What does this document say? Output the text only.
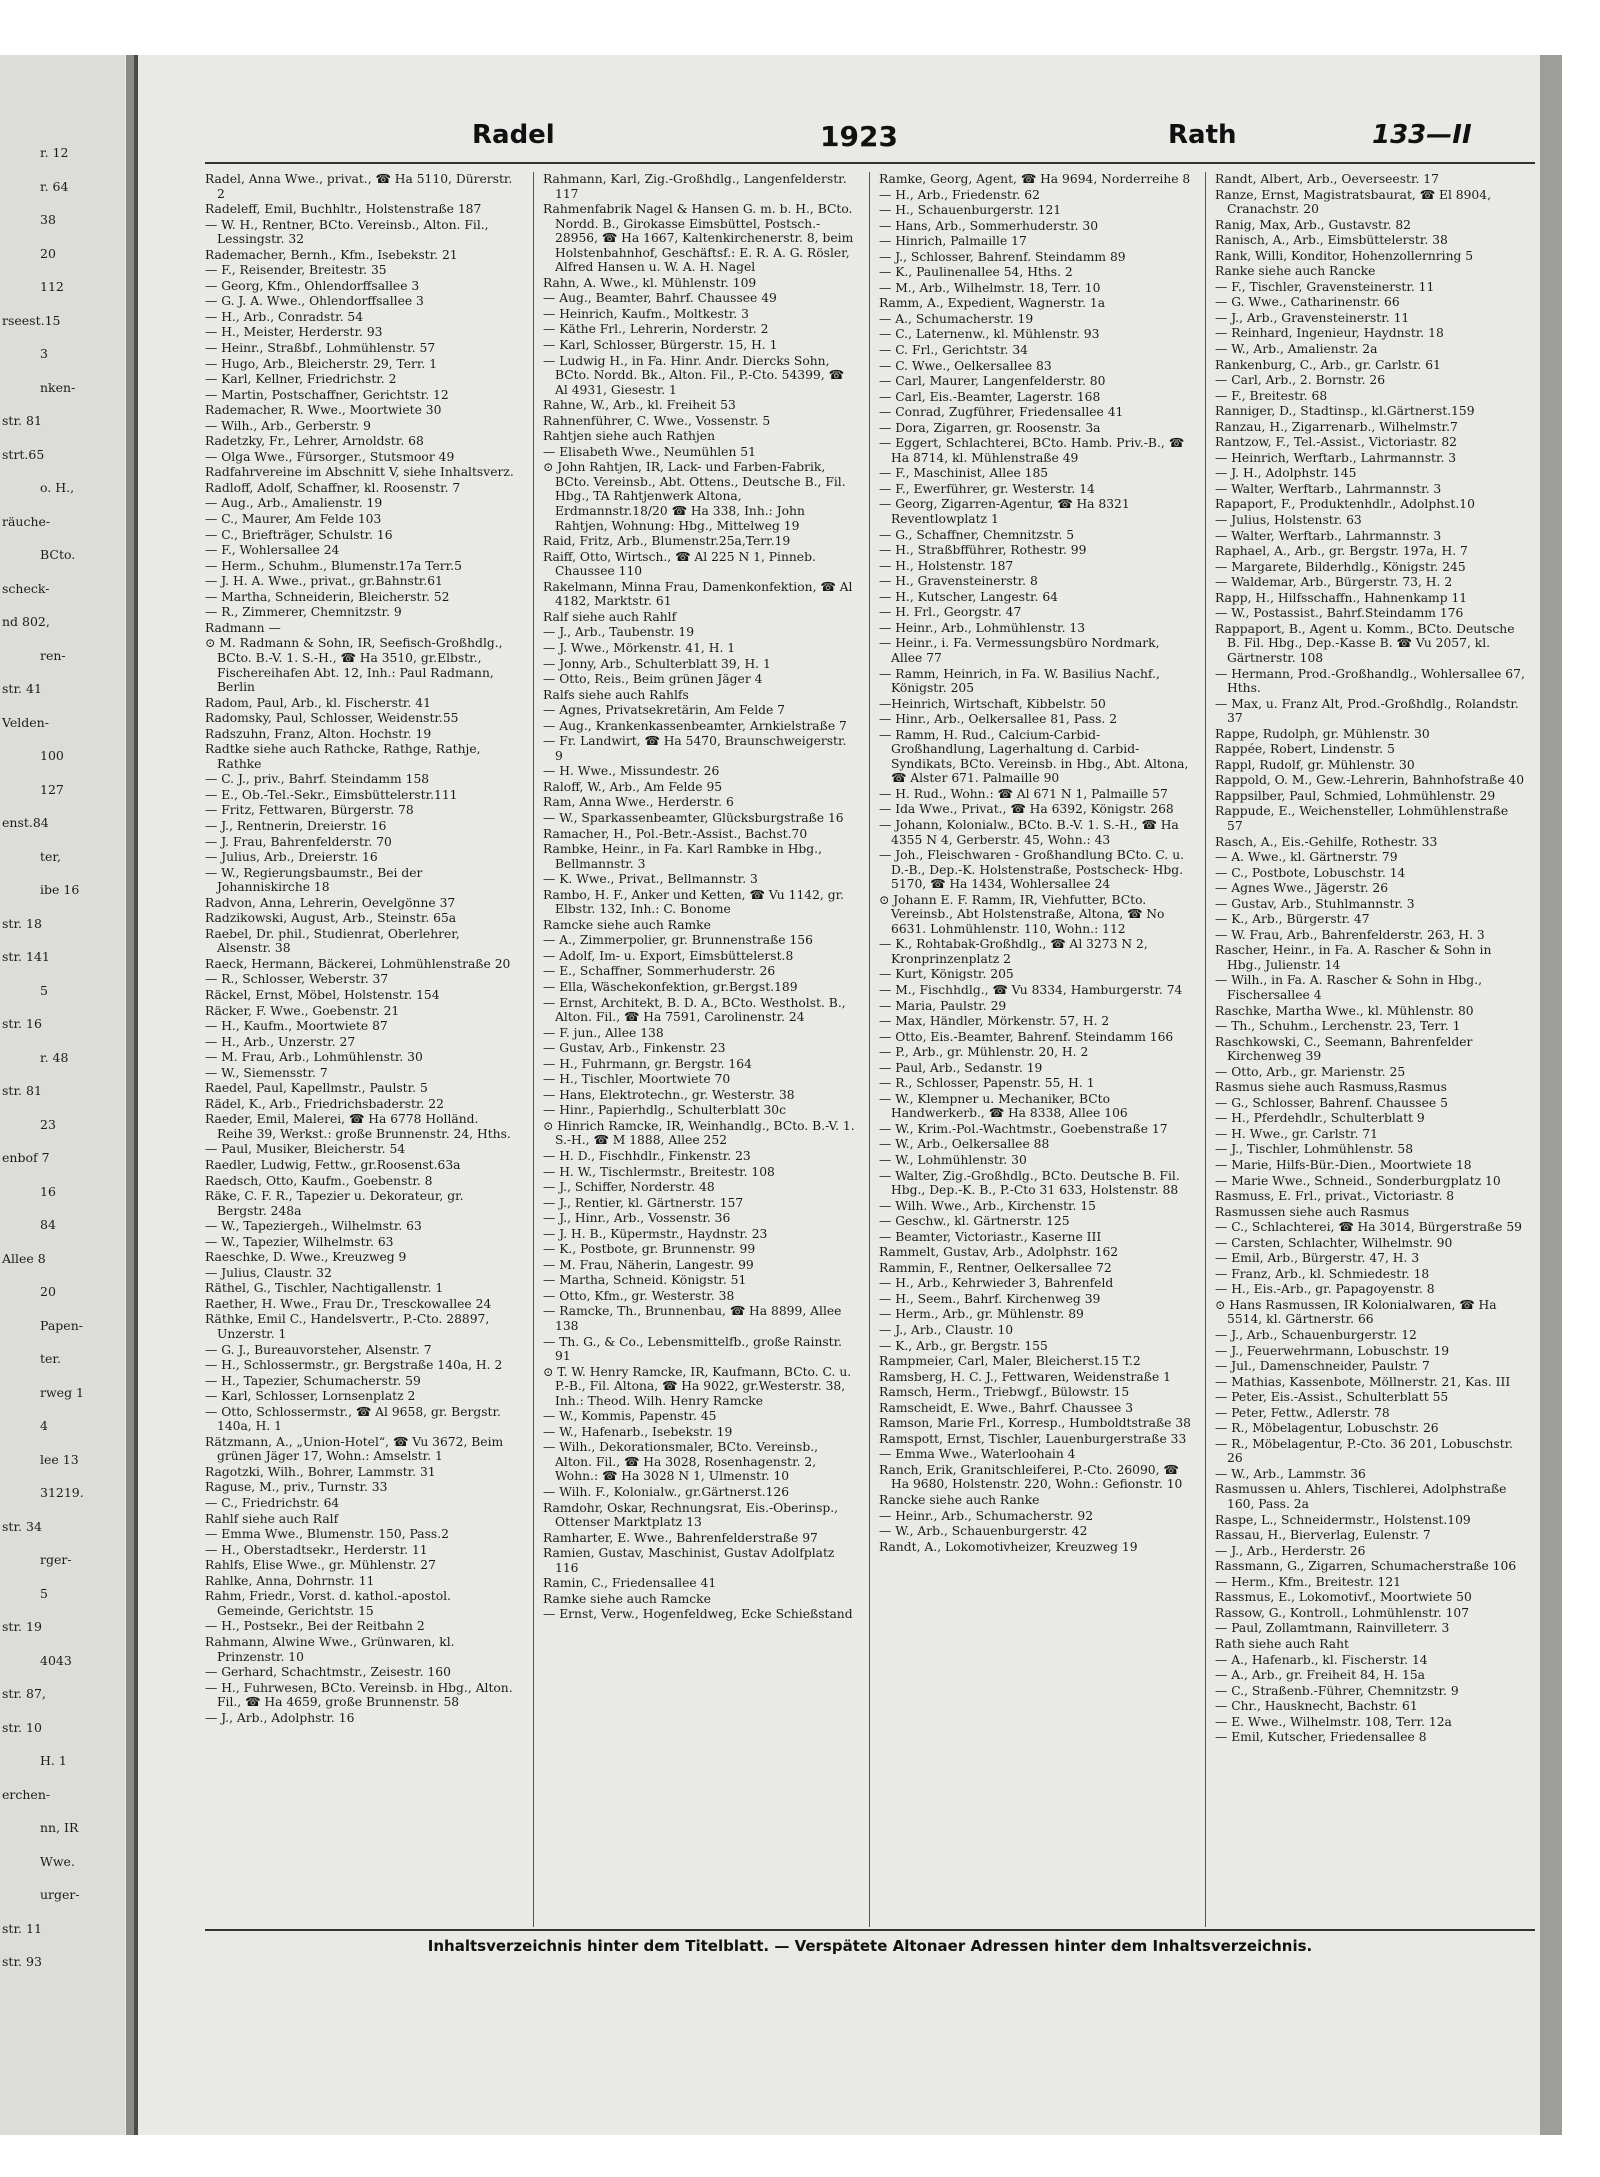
r. 12
r. 64
38
20
112
rseest.15
3
nken-
str. 81
strt.65
o. H.,
räuche-
BCto.
scheck-
nd 802,
ren-
str. 41
Velden-
100
127
enst.84
ter,
ibe 16
str. 18
str. 141
5
str. 16
r. 48
str. 81
23
enbof 7
16
84
Allee 8
20
Papen-
ter.
rweg 1
4
lee 13
31219.
str. 34
rger-
5
str. 19
4043
str. 87,
str. 10
H. 1
erchen-
nn, IR
Wwe.
urger-
str. 11
str. 93
Radel	1923	Rath	133—II
Radel, Anna Wwe., privat., ☎ Ha 5110, Dürerstr. 2
Radeleff, Emil, Buchhltr., Holstenstraße 187
— W. H., Rentner, BCto. Vereinsb., Alton. Fil., Lessingstr. 32
Rademacher, Bernh., Kfm., Isebekstr. 21
— F., Reisender, Breitestr. 35
— Georg, Kfm., Ohlendorffsallee 3
— G. J. A. Wwe., Ohlendorffsallee 3
— H., Arb., Conradstr. 54
— H., Meister, Herderstr. 93
— Heinr., Straßbf., Lohmühlenstr. 57
— Hugo, Arb., Bleicherstr. 29, Terr. 1
— Karl, Kellner, Friedrichstr. 2
— Martin, Postschaffner, Gerichtstr. 12
Rademacher, R. Wwe., Moortwiete 30
— Wilh., Arb., Gerberstr. 9
Radetzky, Fr., Lehrer, Arnoldstr. 68
— Olga Wwe., Fürsorger., Stutsmoor 49
Radfahrvereine im Abschnitt V, siehe Inhaltsverz.
Radloff, Adolf, Schaffner, kl. Roosenstr. 7
— Aug., Arb., Amalienstr. 19
— C., Maurer, Am Felde 103
— C., Briefträger, Schulstr. 16
— F., Wohlersallee 24
— Herm., Schuhm., Blumenstr.17a Terr.5
— J. H. A. Wwe., privat., gr.Bahnstr.61
— Martha, Schneiderin, Bleicherstr. 52
— R., Zimmerer, Chemnitzstr. 9
Radmann —
⊙ M. Radmann & Sohn, IR, Seefisch-Großhdlg., BCto. B.-V. 1. S.-H., ☎ Ha 3510, gr.Elbstr., Fischereihafen Abt. 12, Inh.: Paul Radmann, Berlin
Radom, Paul, Arb., kl. Fischerstr. 41
Radomsky, Paul, Schlosser, Weidenstr.55
Radszuhn, Franz, Alton. Hochstr. 19
Radtke siehe auch Rathcke, Rathge, Rathje, Rathke
— C. J., priv., Bahrf. Steindamm 158
— E., Ob.-Tel.-Sekr., Eimsbüttelerstr.111
— Fritz, Fettwaren, Bürgerstr. 78
— J., Rentnerin, Dreierstr. 16
— J. Frau, Bahrenfelderstr. 70
— Julius, Arb., Dreierstr. 16
— W., Regierungsbaumstr., Bei der Johanniskirche 18
Radvon, Anna, Lehrerin, Oevelgönne 37
Radzikowski, August, Arb., Steinstr. 65a
Raebel, Dr. phil., Studienrat, Oberlehrer, Alsenstr. 38
Raeck, Hermann, Bäckerei, Lohmühlenstraße 20
— R., Schlosser, Weberstr. 37
Räckel, Ernst, Möbel, Holstenstr. 154
Räcker, F. Wwe., Goebenstr. 21
— H., Kaufm., Moortwiete 87
— H., Arb., Unzerstr. 27
— M. Frau, Arb., Lohmühlenstr. 30
— W., Siemensstr. 7
Raedel, Paul, Kapellmstr., Paulstr. 5
Rädel, K., Arb., Friedrichsbaderstr. 22
Raeder, Emil, Malerei, ☎ Ha 6778 Holländ. Reihe 39, Werkst.: große Brunnenstr. 24, Hths.
— Paul, Musiker, Bleicherstr. 54
Raedler, Ludwig, Fettw., gr.Roosenst.63a
Raedsch, Otto, Kaufm., Goebenstr. 8
Räke, C. F. R., Tapezier u. Dekorateur, gr. Bergstr. 248a
— W., Tapeziergeh., Wilhelmstr. 63
— W., Tapezier, Wilhelmstr. 63
Raeschke, D. Wwe., Kreuzweg 9
— Julius, Claustr. 32
Räthel, G., Tischler, Nachtigallenstr. 1
Raether, H. Wwe., Frau Dr., Tresckowallee 24
Räthke, Emil C., Handelsvertr., P.-Cto. 28897, Unzerstr. 1
— G. J., Bureauvorsteher, Alsenstr. 7
— H., Schlossermstr., gr. Bergstraße 140a, H. 2
— H., Tapezier, Schumacherstr. 59
— Karl, Schlosser, Lornsenplatz 2
— Otto, Schlossermstr., ☎ Al 9658, gr. Bergstr. 140a, H. 1
Rätzmann, A., „Union-Hotel“, ☎ Vu 3672, Beim grünen Jäger 17, Wohn.: Amselstr. 1
Ragotzki, Wilh., Bohrer, Lammstr. 31
Raguse, M., priv., Turnstr. 33
— C., Friedrichstr. 64
Rahlf siehe auch Ralf
— Emma Wwe., Blumenstr. 150, Pass.2
— H., Oberstadtsekr., Herderstr. 11
Rahlfs, Elise Wwe., gr. Mühlenstr. 27
Rahlke, Anna, Dohrnstr. 11
Rahm, Friedr., Vorst. d. kathol.-apostol. Gemeinde, Gerichtstr. 15
— H., Postsekr., Bei der Reitbahn 2
Rahmann, Alwine Wwe., Grünwaren, kl. Prinzenstr. 10
— Gerhard, Schachtmstr., Zeisestr. 160
— H., Fuhrwesen, BCto. Vereinsb. in Hbg., Alton. Fil., ☎ Ha 4659, große Brunnenstr. 58
— J., Arb., Adolphstr. 16
Rahmann, Karl, Zig.-Großhdlg., Langenfelderstr. 117
Rahmenfabrik Nagel & Hansen G. m. b. H., BCto. Nordd. B., Girokasse Eimsbüttel, Postsch.- 28956, ☎ Ha 1667, Kaltenkirchenerstr. 8, beim Holstenbahnhof, Geschäftsf.: E. R. A. G. Rösler, Alfred Hansen u. W. A. H. Nagel
Rahn, A. Wwe., kl. Mühlenstr. 109
— Aug., Beamter, Bahrf. Chaussee 49
— Heinrich, Kaufm., Moltkestr. 3
— Käthe Frl., Lehrerin, Norderstr. 2
— Karl, Schlosser, Bürgerstr. 15, H. 1
— Ludwig H., in Fa. Hinr. Andr. Diercks Sohn, BCto. Nordd. Bk., Alton. Fil., P.-Cto. 54399, ☎ Al 4931, Giesestr. 1
Rahne, W., Arb., kl. Freiheit 53
Rahnenführer, C. Wwe., Vossenstr. 5
Rahtjen siehe auch Rathjen
— Elisabeth Wwe., Neumühlen 51
⊙ John Rahtjen, IR, Lack- und Farben-Fabrik, BCto. Vereinsb., Abt. Ottens., Deutsche B., Fil. Hbg., TA Rahtjenwerk Altona, Erdmannstr.18/20 ☎ Ha 338, Inh.: John Rahtjen, Wohnung: Hbg., Mittelweg 19
Raid, Fritz, Arb., Blumenstr.25a,Terr.19
Raiff, Otto, Wirtsch., ☎ Al 225 N 1, Pinneb. Chaussee 110
Rakelmann, Minna Frau, Damenkonfektion, ☎ Al 4182, Marktstr. 61
Ralf siehe auch Rahlf
— J., Arb., Taubenstr. 19
— J. Wwe., Mörkenstr. 41, H. 1
— Jonny, Arb., Schulterblatt 39, H. 1
— Otto, Reis., Beim grünen Jäger 4
Ralfs siehe auch Rahlfs
— Agnes, Privatsekretärin, Am Felde 7
— Aug., Krankenkassenbeamter, Arnkielstraße 7
— Fr. Landwirt, ☎ Ha 5470, Braunschweigerstr. 9
— H. Wwe., Missundestr. 26
Raloff, W., Arb., Am Felde 95
Ram, Anna Wwe., Herderstr. 6
— W., Sparkassenbeamter, Glücksburgstraße 16
Ramacher, H., Pol.-Betr.-Assist., Bachst.70
Rambke, Heinr., in Fa. Karl Rambke in Hbg., Bellmannstr. 3
— K. Wwe., Privat., Bellmannstr. 3
Rambo, H. F., Anker und Ketten, ☎ Vu 1142, gr. Elbstr. 132, Inh.: C. Bonome
Ramcke siehe auch Ramke
— A., Zimmerpolier, gr. Brunnenstraße 156
— Adolf, Im- u. Export, Eimsbüttelerst.8
— E., Schaffner, Sommerhuderstr. 26
— Ella, Wäschekonfektion, gr.Bergst.189
— Ernst, Architekt, B. D. A., BCto. Westholst. B., Alton. Fil., ☎ Ha 7591, Carolinenstr. 24
— F. jun., Allee 138
— Gustav, Arb., Finkenstr. 23
— H., Fuhrmann, gr. Bergstr. 164
— H., Tischler, Moortwiete 70
— Hans, Elektrotechn., gr. Westerstr. 38
— Hinr., Papierhdlg., Schulterblatt 30c
⊙ Hinrich Ramcke, IR, Weinhandlg., BCto. B.-V. 1. S.-H., ☎ M 1888, Allee 252
— H. D., Fischhdlr., Finkenstr. 23
— H. W., Tischlermstr., Breitestr. 108
— J., Schiffer, Norderstr. 48
— J., Rentier, kl. Gärtnerstr. 157
— J., Hinr., Arb., Vossenstr. 36
— J. H. B., Küpermstr., Haydnstr. 23
— K., Postbote, gr. Brunnenstr. 99
— M. Frau, Näherin, Langestr. 99
— Martha, Schneid. Königstr. 51
— Otto, Kfm., gr. Westerstr. 38
— Ramcke, Th., Brunnenbau, ☎ Ha 8899, Allee 138
— Th. G., & Co., Lebensmittelfb., große Rainstr. 91
⊙ T. W. Henry Ramcke, IR, Kaufmann, BCto. C. u. P.-B., Fil. Altona, ☎ Ha 9022, gr.Westerstr. 38, Inh.: Theod. Wilh. Henry Ramcke
— W., Kommis, Papenstr. 45
— W., Hafenarb., Isebekstr. 19
— Wilh., Dekorationsmaler, BCto. Vereinsb., Alton. Fil., ☎ Ha 3028, Rosenhagenstr. 2, Wohn.: ☎ Ha 3028 N 1, Ulmenstr. 10
— Wilh. F., Kolonialw., gr.Gärtnerst.126
Ramdohr, Oskar, Rechnungsrat, Eis.-Oberinsp., Ottenser Marktplatz 13
Ramharter, E. Wwe., Bahrenfelderstraße 97
Ramien, Gustav, Maschinist, Gustav Adolfplatz 116
Ramin, C., Friedensallee 41
Ramke siehe auch Ramcke
— Ernst, Verw., Hogenfeldweg, Ecke Schießstand
Ramke, Georg, Agent, ☎ Ha 9694, Norderreihe 8
— H., Arb., Friedenstr. 62
— H., Schauenburgerstr. 121
— Hans, Arb., Sommerhuderstr. 30
— Hinrich, Palmaille 17
— J., Schlosser, Bahrenf. Steindamm 89
— K., Paulinenallee 54, Hths. 2
— M., Arb., Wilhelmstr. 18, Terr. 10
Ramm, A., Expedient, Wagnerstr. 1a
— A., Schumacherstr. 19
— C., Laternenw., kl. Mühlenstr. 93
— C. Frl., Gerichtstr. 34
— C. Wwe., Oelkersallee 83
— Carl, Maurer, Langenfelderstr. 80
— Carl, Eis.-Beamter, Lagerstr. 168
— Conrad, Zugführer, Friedensallee 41
— Dora, Zigarren, gr. Roosenstr. 3a
— Eggert, Schlachterei, BCto. Hamb. Priv.-B., ☎ Ha 8714, kl. Mühlenstraße 49
— F., Maschinist, Allee 185
— F., Ewerführer, gr. Westerstr. 14
— Georg, Zigarren-Agentur, ☎ Ha 8321 Reventlowplatz 1
— G., Schaffner, Chemnitzstr. 5
— H., Straßbfführer, Rothestr. 99
— H., Holstenstr. 187
— H., Gravensteinerstr. 8
— H., Kutscher, Langestr. 64
— H. Frl., Georgstr. 47
— Heinr., Arb., Lohmühlenstr. 13
— Heinr., i. Fa. Vermessungsbüro Nordmark, Allee 77
— Ramm, Heinrich, in Fa. W. Basilius Nachf., Königstr. 205
—Heinrich, Wirtschaft, Kibbelstr. 50
— Hinr., Arb., Oelkersallee 81, Pass. 2
— Ramm, H. Rud., Calcium-Carbid-Großhandlung, Lagerhaltung d. Carbid-Syndikats, BCto. Vereinsb. in Hbg., Abt. Altona, ☎ Alster 671. Palmaille 90
— H. Rud., Wohn.: ☎ Al 671 N 1, Palmaille 57
— Ida Wwe., Privat., ☎ Ha 6392, Königstr. 268
— Johann, Kolonialw., BCto. B.-V. 1. S.-H., ☎ Ha 4355 N 4, Gerberstr. 45, Wohn.: 43
— Joh., Fleischwaren - Großhandlung BCto. C. u. D.-B., Dep.-K. Holstenstraße, Postscheck- Hbg. 5170, ☎ Ha 1434, Wohlersallee 24
⊙ Johann E. F. Ramm, IR, Viehfutter, BCto. Vereinsb., Abt Holstenstraße, Altona, ☎ No 6631. Lohmühlenstr. 110, Wohn.: 112
— K., Rohtabak-Großhdlg., ☎ Al 3273 N 2, Kronprinzenplatz 2
— Kurt, Königstr. 205
— M., Fischhdlg., ☎ Vu 8334, Hamburgerstr. 74
— Maria, Paulstr. 29
— Max, Händler, Mörkenstr. 57, H. 2
— Otto, Eis.-Beamter, Bahrenf. Steindamm 166
— P., Arb., gr. Mühlenstr. 20, H. 2
— Paul, Arb., Sedanstr. 19
— R., Schlosser, Papenstr. 55, H. 1
— W., Klempner u. Mechaniker, BCto Handwerkerb., ☎ Ha 8338, Allee 106
— W., Krim.-Pol.-Wachtmstr., Goebenstraße 17
— W., Arb., Oelkersallee 88
— W., Lohmühlenstr. 30
— Walter, Zig.-Großhdlg., BCto. Deutsche B. Fil. Hbg., Dep.-K. B., P.-Cto 31 633, Holstenstr. 88
— Wilh. Wwe., Arb., Kirchenstr. 15
— Geschw., kl. Gärtnerstr. 125
— Beamter, Victoriastr., Kaserne III
Rammelt, Gustav, Arb., Adolphstr. 162
Rammin, F., Rentner, Oelkersallee 72
— H., Arb., Kehrwieder 3, Bahrenfeld
— H., Seem., Bahrf. Kirchenweg 39
— Herm., Arb., gr. Mühlenstr. 89
— J., Arb., Claustr. 10
— K., Arb., gr. Bergstr. 155
Rampmeier, Carl, Maler, Bleicherst.15 T.2
Ramsberg, H. C. J., Fettwaren, Weidenstraße 1
Ramsch, Herm., Triebwgf., Bülowstr. 15
Ramscheidt, E. Wwe., Bahrf. Chaussee 3
Ramson, Marie Frl., Korresp., Humboldtstraße 38
Ramspott, Ernst, Tischler, Lauenburgerstraße 33
— Emma Wwe., Waterloohain 4
Ranch, Erik, Granitschleiferei, P.-Cto. 26090, ☎ Ha 9680, Holstenstr. 220, Wohn.: Gefionstr. 10
Rancke siehe auch Ranke
— Heinr., Arb., Schumacherstr. 92
— W., Arb., Schauenburgerstr. 42
Randt, A., Lokomotivheizer, Kreuzweg 19
Randt, Albert, Arb., Oeverseestr. 17
Ranze, Ernst, Magistratsbaurat, ☎ El 8904, Cranachstr. 20
Ranig, Max, Arb., Gustavstr. 82
Ranisch, A., Arb., Eimsbüttelerstr. 38
Rank, Willi, Konditor, Hohenzollernring 5
Ranke siehe auch Rancke
— F., Tischler, Gravensteinerstr. 11
— G. Wwe., Catharinenstr. 66
— J., Arb., Gravensteinerstr. 11
— Reinhard, Ingenieur, Haydnstr. 18
— W., Arb., Amalienstr. 2a
Rankenburg, C., Arb., gr. Carlstr. 61
— Carl, Arb., 2. Bornstr. 26
— F., Breitestr. 68
Ranniger, D., Stadtinsp., kl.Gärtnerst.159
Ranzau, H., Zigarrenarb., Wilhelmstr.7
Rantzow, F., Tel.-Assist., Victoriastr. 82
— Heinrich, Werftarb., Lahrmannstr. 3
— J. H., Adolphstr. 145
— Walter, Werftarb., Lahrmannstr. 3
Rapaport, F., Produktenhdlr., Adolphst.10
— Julius, Holstenstr. 63
— Walter, Werftarb., Lahrmannstr. 3
Raphael, A., Arb., gr. Bergstr. 197a, H. 7
— Margarete, Bilderhdlg., Königstr. 245
— Waldemar, Arb., Bürgerstr. 73, H. 2
Rapp, H., Hilfsschaffn., Hahnenkamp 11
— W., Postassist., Bahrf.Steindamm 176
Rappaport, B., Agent u. Komm., BCto. Deutsche B. Fil. Hbg., Dep.-Kasse B. ☎ Vu 2057, kl. Gärtnerstr. 108
— Hermann, Prod.-Großhandlg., Wohlersallee 67, Hths.
— Max, u. Franz Alt, Prod.-Großhdlg., Rolandstr. 37
Rappe, Rudolph, gr. Mühlenstr. 30
Rappée, Robert, Lindenstr. 5
Rappl, Rudolf, gr. Mühlenstr. 30
Rappold, O. M., Gew.-Lehrerin, Bahnhofstraße 40
Rappsilber, Paul, Schmied, Lohmühlenstr. 29
Rappude, E., Weichensteller, Lohmühlenstraße 57
Rasch, A., Eis.-Gehilfe, Rothestr. 33
— A. Wwe., kl. Gärtnerstr. 79
— C., Postbote, Lobuschstr. 14
— Agnes Wwe., Jägerstr. 26
— Gustav, Arb., Stuhlmannstr. 3
— K., Arb., Bürgerstr. 47
— W. Frau, Arb., Bahrenfelderstr. 263, H. 3
Rascher, Heinr., in Fa. A. Rascher & Sohn in Hbg., Julienstr. 14
— Wilh., in Fa. A. Rascher & Sohn in Hbg., Fischersallee 4
Raschke, Martha Wwe., kl. Mühlenstr. 80
— Th., Schuhm., Lerchenstr. 23, Terr. 1
Raschkowski, C., Seemann, Bahrenfelder Kirchenweg 39
— Otto, Arb., gr. Marienstr. 25
Rasmus siehe auch Rasmuss,Rasmus
— G., Schlosser, Bahrenf. Chaussee 5
— H., Pferdehdlr., Schulterblatt 9
— H. Wwe., gr. Carlstr. 71
— J., Tischler, Lohmühlenstr. 58
— Marie, Hilfs-Bür.-Dien., Moortwiete 18
— Marie Wwe., Schneid., Sonderburgplatz 10
Rasmuss, E. Frl., privat., Victoriastr. 8
Rasmussen siehe auch Rasmus
— C., Schlachterei, ☎ Ha 3014, Bürgerstraße 59
— Carsten, Schlachter, Wilhelmstr. 90
— Emil, Arb., Bürgerstr. 47, H. 3
— Franz, Arb., kl. Schmiedestr. 18
— H., Eis.-Arb., gr. Papagoyenstr. 8
⊙ Hans Rasmussen, IR Kolonialwaren, ☎ Ha 5514, kl. Gärtnerstr. 66
— J., Arb., Schauenburgerstr. 12
— J., Feuerwehrmann, Lobuschstr. 19
— Jul., Damenschneider, Paulstr. 7
— Mathias, Kassenbote, Möllnerstr. 21, Kas. III
— Peter, Eis.-Assist., Schulterblatt 55
— Peter, Fettw., Adlerstr. 78
— R., Möbelagentur, Lobuschstr. 26
— R., Möbelagentur, P.-Cto. 36 201, Lobuschstr. 26
— W., Arb., Lammstr. 36
Rasmussen u. Ahlers, Tischlerei, Adolphstraße 160, Pass. 2a
Raspe, L., Schneidermstr., Holstenst.109
Rassau, H., Bierverlag, Eulenstr. 7
— J., Arb., Herderstr. 26
Rassmann, G., Zigarren, Schumacherstraße 106
— Herm., Kfm., Breitestr. 121
Rassmus, E., Lokomotivf., Moortwiete 50
Rassow, G., Kontroll., Lohmühlenstr. 107
— Paul, Zollamtmann, Rainvilleterr. 3
Rath siehe auch Raht
— A., Hafenarb., kl. Fischerstr. 14
— A., Arb., gr. Freiheit 84, H. 15a
— C., Straßenb.-Führer, Chemnitzstr. 9
— Chr., Hausknecht, Bachstr. 61
— E. Wwe., Wilhelmstr. 108, Terr. 12a
— Emil, Kutscher, Friedensallee 8
Inhaltsverzeichnis hinter dem Titelblatt. — Verspätete Altonaer Adressen hinter dem Inhaltsverzeichnis.
